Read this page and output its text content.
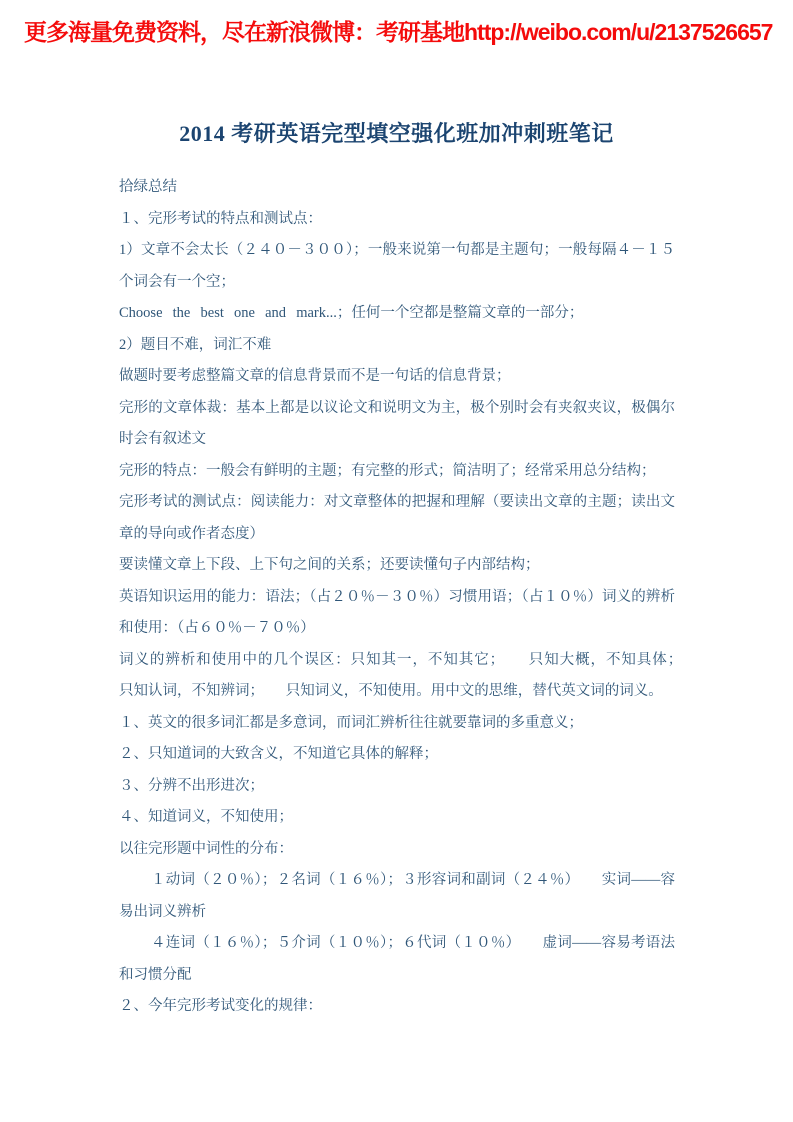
更多海量免费资料，尽在新浪微博：考研基地http://weibo.com/u/2137526657
2014 考研英语完型填空强化班加冲刺班笔记

拾绿总结

１、完形考试的特点和测试点：

1）文章不会太长（２４０－３００）；一般来说第一句都是主题句；一般每隔４－１５个词会有一个空；

Choose the best one and mark...；任何一个空都是整篇文章的一部分；

2）题目不难，词汇不难

做题时要考虑整篇文章的信息背景而不是一句话的信息背景；

完形的文章体裁：基本上都是以议论文和说明文为主，极个别时会有夹叙夹议，极偶尔时会有叙述文

完形的特点：一般会有鲜明的主题；有完整的形式；简洁明了；经常采用总分结构；

完形考试的测试点：阅读能力：对文章整体的把握和理解（要读出文章的主题；读出文章的导向或作者态度）

要读懂文章上下段、上下句之间的关系；还要读懂句子内部结构；

英语知识运用的能力：语法；（占２０％－３０％）习惯用语；（占１０％）词义的辨析和使用：（占６０％－７０％）

词义的辨析和使用中的几个误区：只知其一，不知其它；　　只知大概，不知具体；　　只知认词，不知辨词；　　只知词义，不知使用。用中文的思维，替代英文词的词义。

１、英文的很多词汇都是多意词，而词汇辨析往往就要靠词的多重意义；

２、只知道词的大致含义，不知道它具体的解释；

３、分辨不出形进次；

４、知道词义，不知使用；

以往完形题中词性的分布：

１动词（２０％）；２名词（１６％）；３形容词和副词（２４％）　　实词——容易出词义辨析

４连词（１６％）；５介词（１０％）；６代词（１０％）　　虚词——容易考语法和习惯分配

２、今年完形考试变化的规律：
